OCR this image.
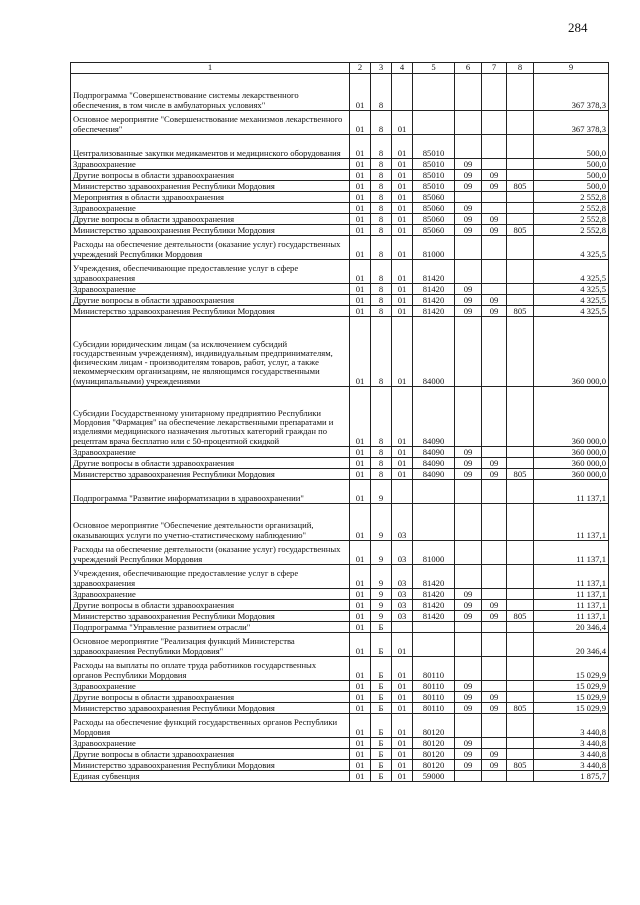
284
1	2	3	4	5	6	7	8	9
Подпрограмма "Совершенствование системы лекарственного обеспечения, в том числе в амбулаторных условиях"	01	8						367 378,3
Основное мероприятие "Совершенствование механизмов лекарственного обеспечения"	01	8	01					367 378,3
Централизованные закупки медикаментов и медицинского оборудования	01	8	01	85010				500,0
Здравоохранение	01	8	01	85010	09			500,0
Другие вопросы в области здравоохранения	01	8	01	85010	09	09		500,0
Министерство здравоохранения Республики Мордовия	01	8	01	85010	09	09	805	500,0
Мероприятия в области здравоохранения	01	8	01	85060				2 552,8
Здравоохранение	01	8	01	85060	09			2 552,8
Другие вопросы в области здравоохранения	01	8	01	85060	09	09		2 552,8
Министерство здравоохранения Республики Мордовия	01	8	01	85060	09	09	805	2 552,8
Расходы на обеспечение деятельности (оказание услуг) государственных учреждений Республики Мордовия	01	8	01	81000				4 325,5
Учреждения, обеспечивающие предоставление услуг в сфере здравоохранения	01	8	01	81420				4 325,5
Здравоохранение	01	8	01	81420	09			4 325,5
Другие вопросы в области здравоохранения	01	8	01	81420	09	09		4 325,5
Министерство здравоохранения Республики Мордовия	01	8	01	81420	09	09	805	4 325,5
Субсидии юридическим лицам (за исключением субсидий государственным учреждениям), индивидуальным предпринимателям, физическим лицам - производителям товаров, работ, услуг, а также некоммерческим организациям, не являющимся государственными (муниципальными) учреждениями	01	8	01	84000				360 000,0
Субсидии Государственному унитарному предприятию Республики Мордовия "Фармация" на обеспечение лекарственными препаратами и изделиями медицинского назначения льготных категорий граждан по рецептам врача бесплатно или с 50-процентной скидкой	01	8	01	84090				360 000,0
Здравоохранение	01	8	01	84090	09			360 000,0
Другие вопросы в области здравоохранения	01	8	01	84090	09	09		360 000,0
Министерство здравоохранения Республики Мордовия	01	8	01	84090	09	09	805	360 000,0
Подпрограмма "Развитие информатизации в здравоохранении"	01	9						11 137,1
Основное мероприятие "Обеспечение деятельности организаций, оказывающих услуги по учетно-статистическому наблюдению"	01	9	03					11 137,1
Расходы на обеспечение деятельности (оказание услуг) государственных учреждений Республики Мордовия	01	9	03	81000				11 137,1
Учреждения, обеспечивающие предоставление услуг в сфере здравоохранения	01	9	03	81420				11 137,1
Здравоохранение	01	9	03	81420	09			11 137,1
Другие вопросы в области здравоохранения	01	9	03	81420	09	09		11 137,1
Министерство здравоохранения Республики Мордовия	01	9	03	81420	09	09	805	11 137,1
Подпрограмма "Управление развитием отрасли"	01	Б						20 346,4
Основное мероприятие "Реализация функций Министерства здравоохранения Республики Мордовия"	01	Б	01					20 346,4
Расходы на выплаты по оплате труда работников государственных органов Республики Мордовия	01	Б	01	80110				15 029,9
Здравоохранение	01	Б	01	80110	09			15 029,9
Другие вопросы в области здравоохранения	01	Б	01	80110	09	09		15 029,9
Министерство здравоохранения Республики Мордовия	01	Б	01	80110	09	09	805	15 029,9
Расходы на обеспечение функций государственных органов Республики Мордовия	01	Б	01	80120				3 440,8
Здравоохранение	01	Б	01	80120	09			3 440,8
Другие вопросы в области здравоохранения	01	Б	01	80120	09	09		3 440,8
Министерство здравоохранения Республики Мордовия	01	Б	01	80120	09	09	805	3 440,8
Единая субвенция	01	Б	01	59000				1 875,7
